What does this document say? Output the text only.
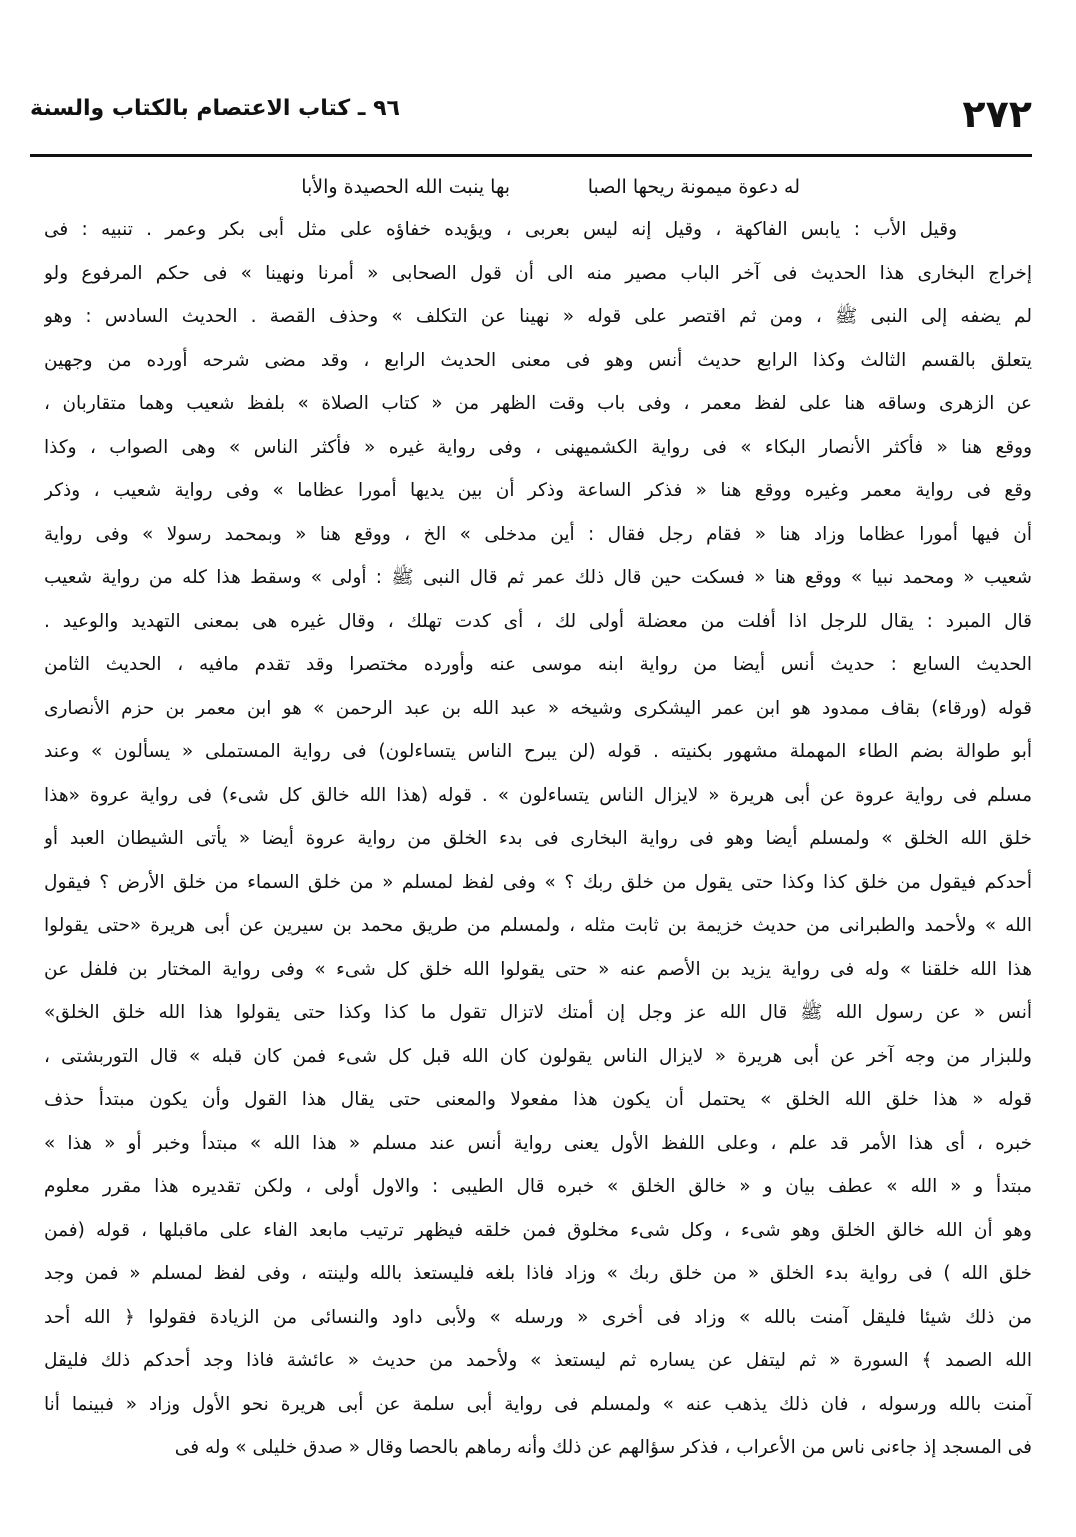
٢٧٢
٩٦ ـ كتاب الاعتصام بالكتاب والسنة
له دعوة ميمونة ريحها الصبا
بها ينبت الله الحصيدة والأبا
وقيل الأب : يابس الفاكهة ، وقيل إنه ليس بعربى ، ويؤيده خفاؤه على مثل أبى بكر وعمر . تنبيه : فى
إخراج البخارى هذا الحديث فى آخر الباب مصير منه الى أن قول الصحابى « أمرنا ونهينا » فى حكم المرفوع ولو
لم يضفه إلى النبى ﷺ ، ومن ثم اقتصر على قوله « نهينا عن التكلف » وحذف القصة . الحديث السادس : وهو
يتعلق بالقسم الثالث وكذا الرابع حديث أنس وهو فى معنى الحديث الرابع ، وقد مضى شرحه أورده من وجهين
عن الزهرى وساقه هنا على لفظ معمر ، وفى باب وقت الظهر من « كتاب الصلاة » بلفظ شعيب وهما متقاربان ،
ووقع هنا « فأكثر الأنصار البكاء » فى رواية الكشميهنى ، وفى رواية غيره « فأكثر الناس » وهى الصواب ، وكذا
وقع فى رواية معمر وغيره ووقع هنا « فذكر الساعة وذكر أن بين يديها أمورا عظاما » وفى رواية شعيب ، وذكر
أن فيها أمورا عظاما وزاد هنا « فقام رجل فقال : أين مدخلى » الخ ، ووقع هنا « وبمحمد رسولا » وفى رواية
شعيب « ومحمد نبيا » ووقع هنا « فسكت حين قال ذلك عمر ثم قال النبى ﷺ : أولى » وسقط هذا كله من رواية شعيب
قال المبرد : يقال للرجل اذا أفلت من معضلة أولى لك ، أى كدت تهلك ، وقال غيره هى بمعنى التهديد والوعيد .
الحديث السابع : حديث أنس أيضا من رواية ابنه موسى عنه وأورده مختصرا وقد تقدم مافيه ، الحديث الثامن
قوله (ورقاء) بقاف ممدود هو ابن عمر اليشكرى وشيخه « عبد الله بن عبد الرحمن » هو ابن معمر بن حزم الأنصارى
أبو طوالة بضم الطاء المهملة مشهور بكنيته . قوله (لن يبرح الناس يتساءلون) فى رواية المستملى « يسألون » وعند
مسلم فى رواية عروة عن أبى هريرة « لايزال الناس يتساءلون » . قوله (هذا الله خالق كل شىء) فى رواية عروة «هذا
خلق الله الخلق » ولمسلم أيضا وهو فى رواية البخارى فى بدء الخلق من رواية عروة أيضا « يأتى الشيطان العبد أو
أحدكم فيقول من خلق كذا وكذا حتى يقول من خلق ربك ؟ » وفى لفظ لمسلم « من خلق السماء من خلق الأرض ؟ فيقول
الله » ولأحمد والطبرانى من حديث خزيمة بن ثابت مثله ، ولمسلم من طريق محمد بن سيرين عن أبى هريرة «حتى يقولوا
هذا الله خلقنا » وله فى رواية يزيد بن الأصم عنه « حتى يقولوا الله خلق كل شىء » وفى رواية المختار بن فلفل عن
أنس « عن رسول الله ﷺ قال الله عز وجل إن أمتك لاتزال تقول ما كذا وكذا حتى يقولوا هذا الله خلق الخلق»
وللبزار من وجه آخر عن أبى هريرة « لايزال الناس يقولون كان الله قبل كل شىء فمن كان قبله » قال التوربشتى ،
قوله « هذا خلق الله الخلق » يحتمل أن يكون هذا مفعولا والمعنى حتى يقال هذا القول وأن يكون مبتدأ حذف
خبره ، أى هذا الأمر قد علم ، وعلى اللفظ الأول يعنى رواية أنس عند مسلم « هذا الله » مبتدأ وخبر أو « هذا »
مبتدأ و « الله » عطف بيان و « خالق الخلق » خبره قال الطيبى : والاول أولى ، ولكن تقديره هذا مقرر معلوم
وهو أن الله خالق الخلق وهو شىء ، وكل شىء مخلوق فمن خلقه فيظهر ترتيب مابعد الفاء على ماقبلها ، قوله (فمن
خلق الله ) فى رواية بدء الخلق « من خلق ربك » وزاد فاذا بلغه فليستعذ بالله ولينته ، وفى لفظ لمسلم « فمن وجد
من ذلك شيئا فليقل آمنت بالله » وزاد فى أخرى « ورسله » ولأبى داود والنسائى من الزيادة فقولوا ﴿ الله أحد
الله الصمد ﴾ السورة « ثم ليتفل عن يساره ثم ليستعذ » ولأحمد من حديث « عائشة فاذا وجد أحدكم ذلك فليقل
آمنت بالله ورسوله ، فان ذلك يذهب عنه » ولمسلم فى رواية أبى سلمة عن أبى هريرة نحو الأول وزاد « فبينما أنا
فى المسجد إذ جاءنى ناس من الأعراب ، فذكر سؤالهم عن ذلك وأنه رماهم بالحصا وقال « صدق خليلى » وله فى
